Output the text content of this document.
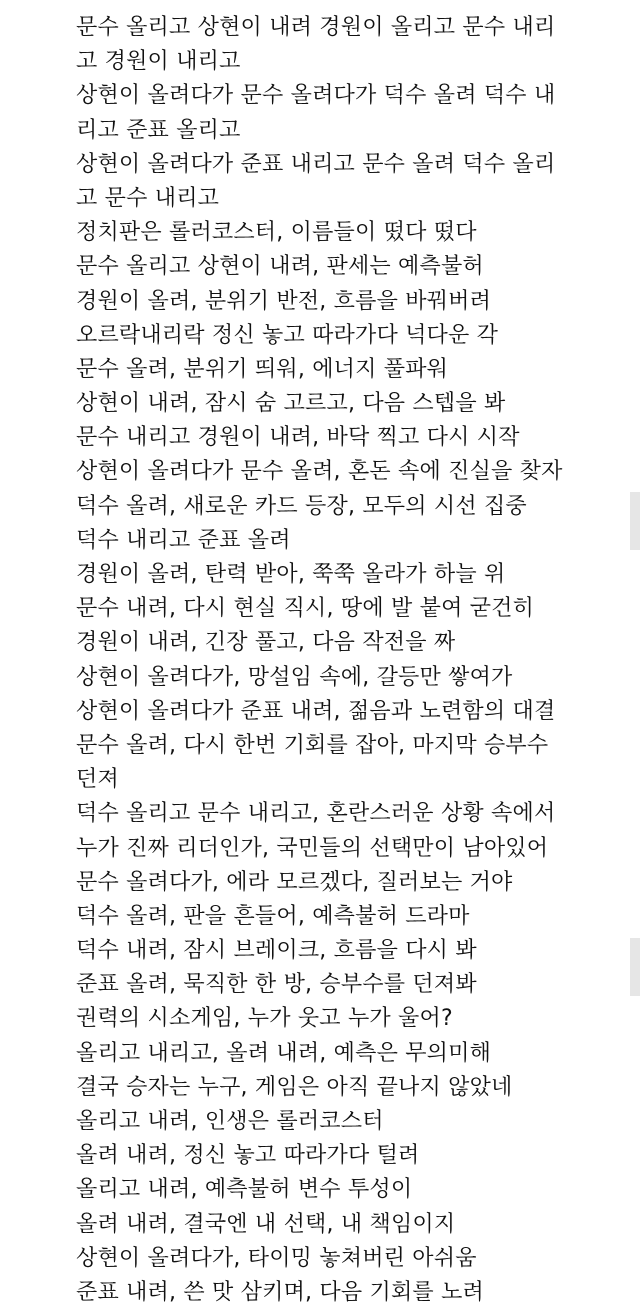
문수 올리고 상현이 내려 경원이 올리고 문수 내리
고 경원이 내리고
상현이 올려다가 문수 올려다가 덕수 올려 덕수 내
리고 준표 올리고
상현이 올려다가 준표 내리고 문수 올려 덕수 올리
고 문수 내리고
정치판은 롤러코스터, 이름들이 떴다 떴다
문수 올리고 상현이 내려, 판세는 예측불허
경원이 올려, 분위기 반전, 흐름을 바꿔버려
오르락내리락 정신 놓고 따라가다 넉다운 각
문수 올려, 분위기 띄워, 에너지 풀파워
상현이 내려, 잠시 숨 고르고, 다음 스텝을 봐
문수 내리고 경원이 내려, 바닥 찍고 다시 시작
상현이 올려다가 문수 올려, 혼돈 속에 진실을 찾자
덕수 올려, 새로운 카드 등장, 모두의 시선 집중
덕수 내리고 준표 올려
경원이 올려, 탄력 받아, 쭉쭉 올라가 하늘 위
문수 내려, 다시 현실 직시, 땅에 발 붙여 굳건히
경원이 내려, 긴장 풀고, 다음 작전을 짜
상현이 올려다가, 망설임 속에, 갈등만 쌓여가
상현이 올려다가 준표 내려, 젊음과 노련함의 대결
문수 올려, 다시 한번 기회를 잡아, 마지막 승부수
던져
덕수 올리고 문수 내리고, 혼란스러운 상황 속에서
누가 진짜 리더인가, 국민들의 선택만이 남아있어
문수 올려다가, 에라 모르겠다, 질러보는 거야
덕수 올려, 판을 흔들어, 예측불허 드라마
덕수 내려, 잠시 브레이크, 흐름을 다시 봐
준표 올려, 묵직한 한 방, 승부수를 던져봐
권력의 시소게임, 누가 웃고 누가 울어?
올리고 내리고, 올려 내려, 예측은 무의미해
결국 승자는 누구, 게임은 아직 끝나지 않았네
올리고 내려, 인생은 롤러코스터
올려 내려, 정신 놓고 따라가다 털려
올리고 내려, 예측불허 변수 투성이
올려 내려, 결국엔 내 선택, 내 책임이지
상현이 올려다가, 타이밍 놓쳐버린 아쉬움
준표 내려, 쓴 맛 삼키며, 다음 기회를 노려
